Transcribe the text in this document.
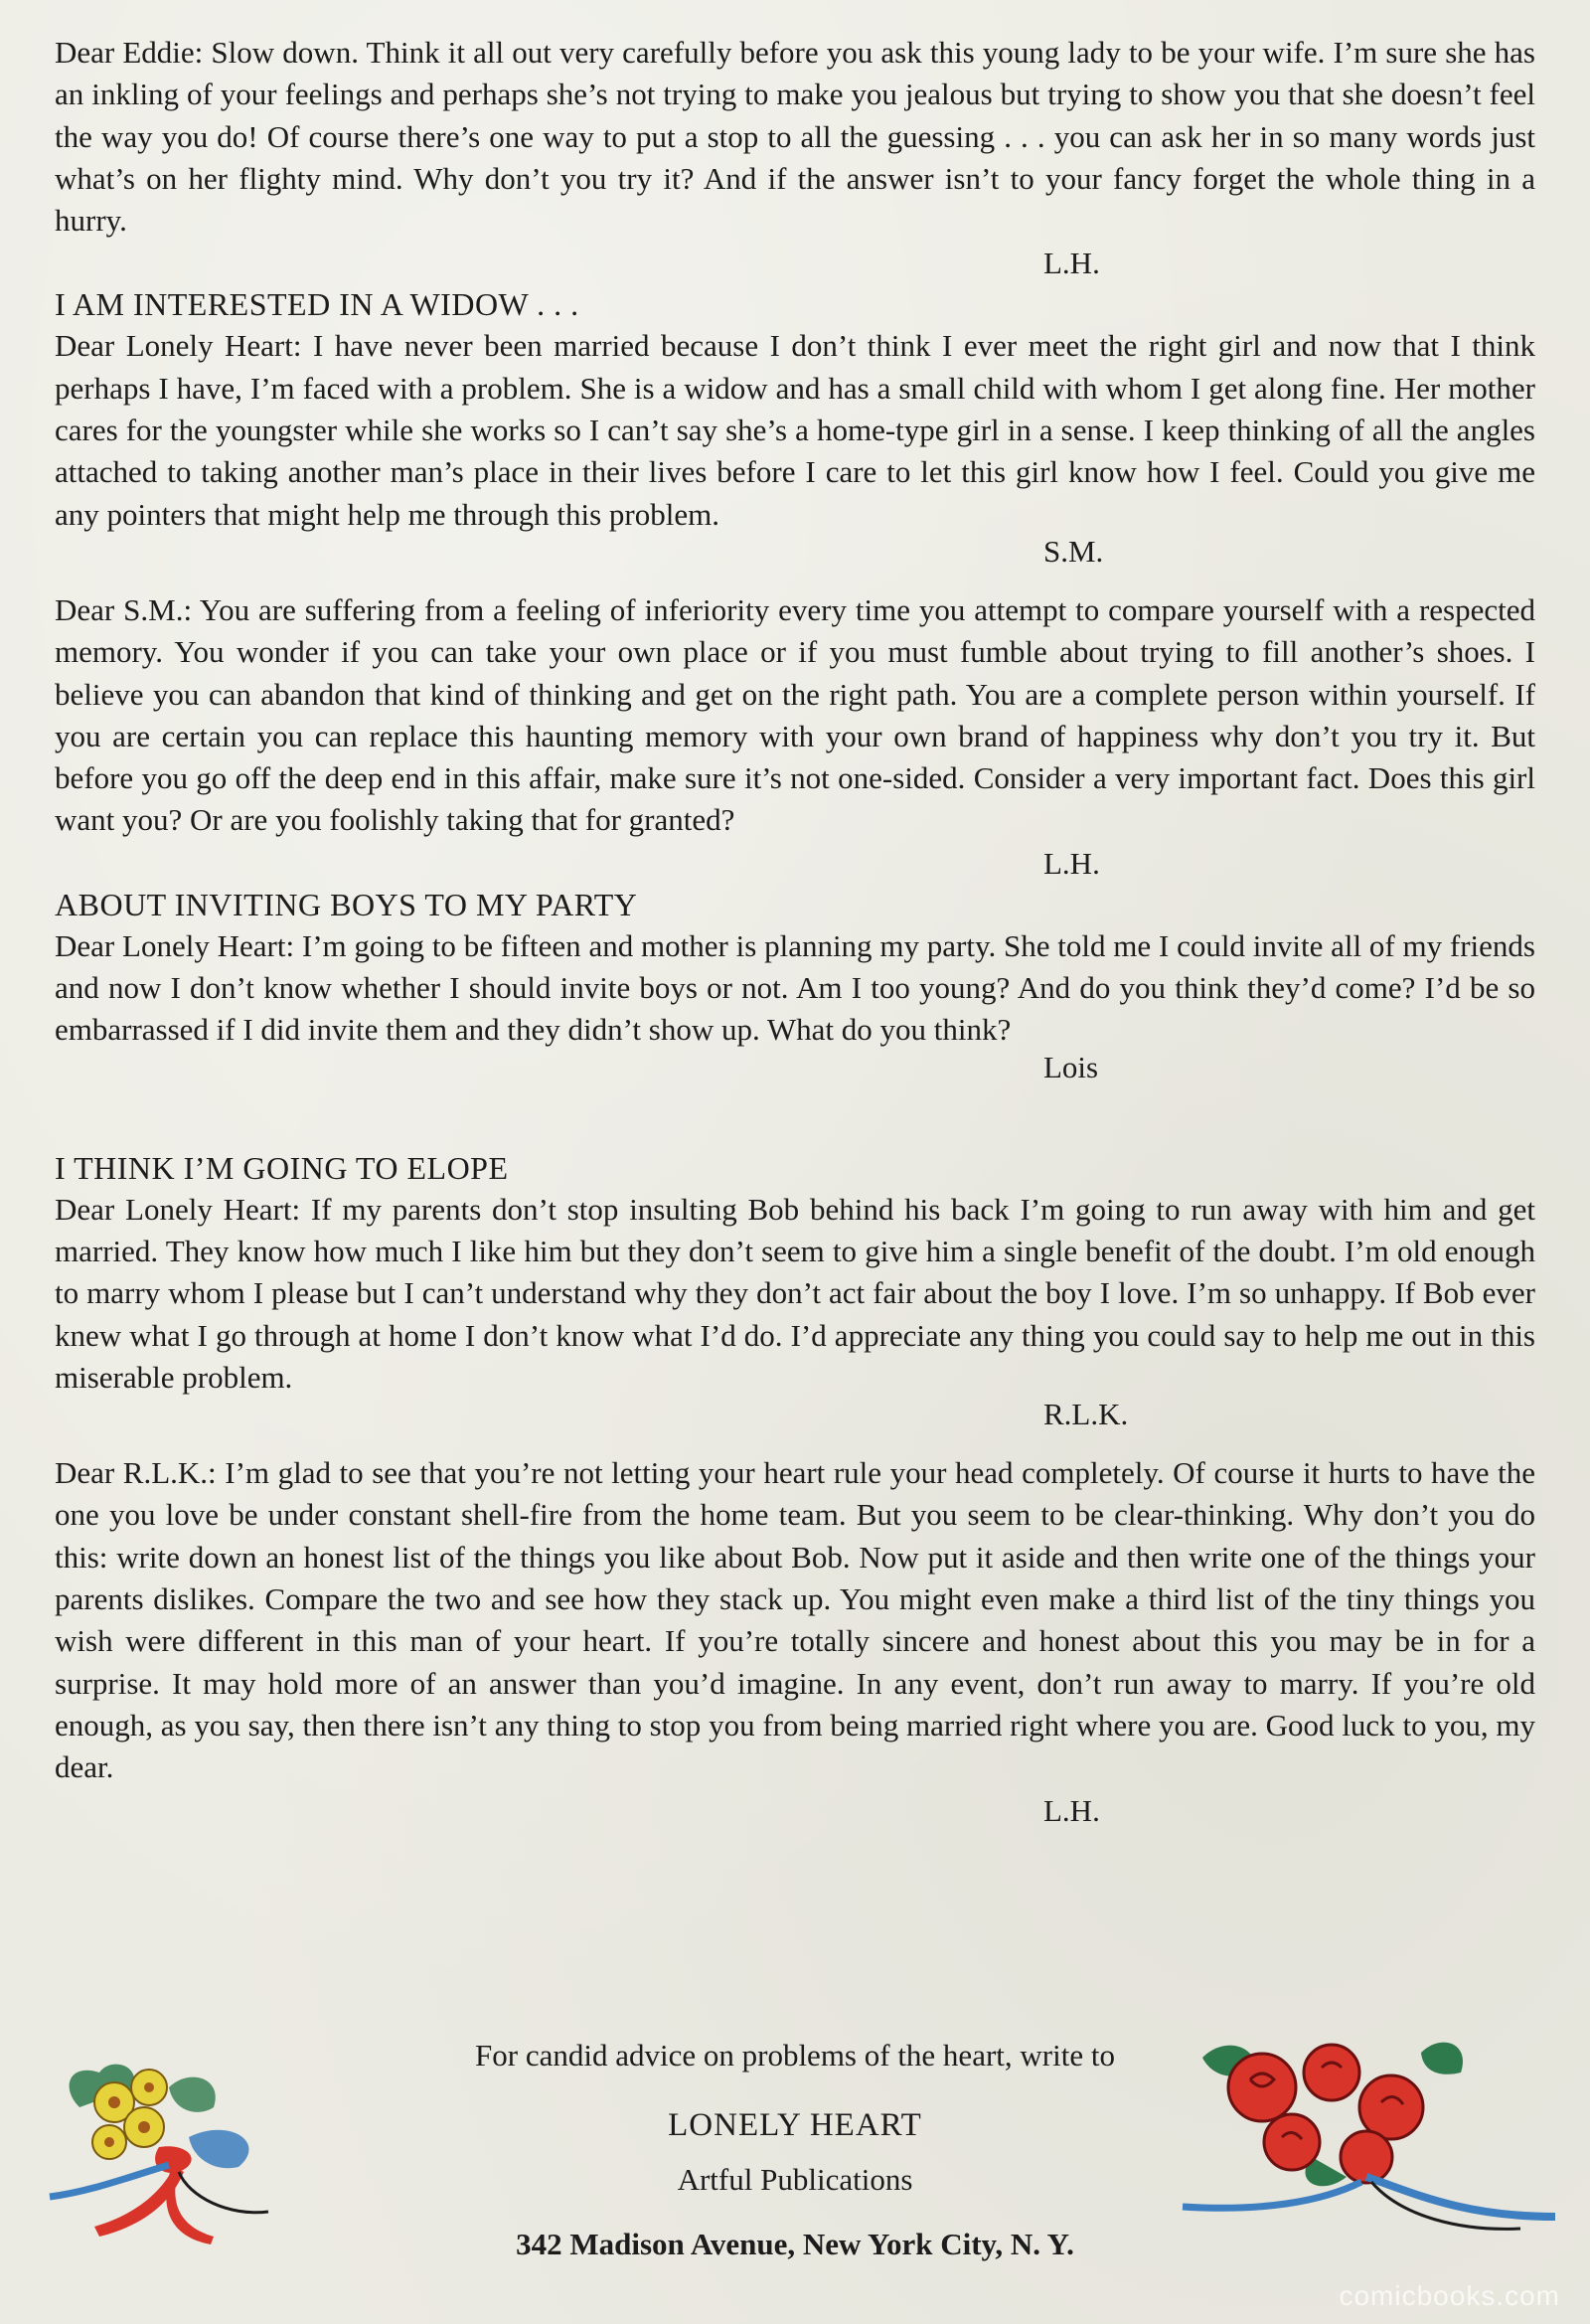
Dear Eddie: Slow down. Think it all out very carefully before you ask this young lady to be your wife. I’m sure she has an inkling of your feelings and perhaps she’s not trying to make you jealous but trying to show you that she doesn’t feel the way you do! Of course there’s one way to put a stop to all the guessing . . . you can ask her in so many words just what’s on her flighty mind. Why don’t you try it? And if the answer isn’t to your fancy forget the whole thing in a hurry.

L.H.
I AM INTERESTED IN A WIDOW . . .

Dear Lonely Heart: I have never been married because I don’t think I ever meet the right girl and now that I think perhaps I have, I’m faced with a problem. She is a widow and has a small child with whom I get along fine. Her mother cares for the youngster while she works so I can’t say she’s a home-type girl in a sense. I keep thinking of all the angles attached to taking another man’s place in their lives before I care to let this girl know how I feel. Could you give me any pointers that might help me through this problem.

S.M.

Dear S.M.: You are suffering from a feeling of inferiority every time you attempt to compare yourself with a respected memory. You wonder if you can take your own place or if you must fumble about trying to fill another’s shoes. I believe you can abandon that kind of thinking and get on the right path. You are a complete person within yourself. If you are certain you can replace this haunting memory with your own brand of happiness why don’t you try it. But before you go off the deep end in this affair, make sure it’s not one-sided. Consider a very important fact. Does this girl want you? Or are you foolishly taking that for granted?

L.H.
ABOUT INVITING BOYS TO MY PARTY

Dear Lonely Heart: I’m going to be fifteen and mother is planning my party. She told me I could invite all of my friends and now I don’t know whether I should invite boys or not. Am I too young? And do you think they’d come? I’d be so embarrassed if I did invite them and they didn’t show up. What do you think?

Lois
I THINK I’M GOING TO ELOPE

Dear Lonely Heart: If my parents don’t stop insulting Bob behind his back I’m going to run away with him and get married. They know how much I like him but they don’t seem to give him a single benefit of the doubt. I’m old enough to marry whom I please but I can’t understand why they don’t act fair about the boy I love. I’m so unhappy. If Bob ever knew what I go through at home I don’t know what I’d do. I’d appreciate any thing you could say to help me out in this miserable problem.

R.L.K.

Dear R.L.K.: I’m glad to see that you’re not letting your heart rule your head completely. Of course it hurts to have the one you love be under constant shell-fire from the home team. But you seem to be clear-thinking. Why don’t you do this: write down an honest list of the things you like about Bob. Now put it aside and then write one of the things your parents dislikes. Compare the two and see how they stack up. You might even make a third list of the tiny things you wish were different in this man of your heart. If you’re totally sincere and honest about this you may be in for a surprise. It may hold more of an answer than you’d imagine. In any event, don’t run away to marry. If you’re old enough, as you say, then there isn’t any thing to stop you from being married right where you are. Good luck to you, my dear.

L.H.
For candid advice on problems of the heart, write to
LONELY HEART
Artful Publications
342 Madison Avenue, New York City, N. Y.
comicbooks.com
